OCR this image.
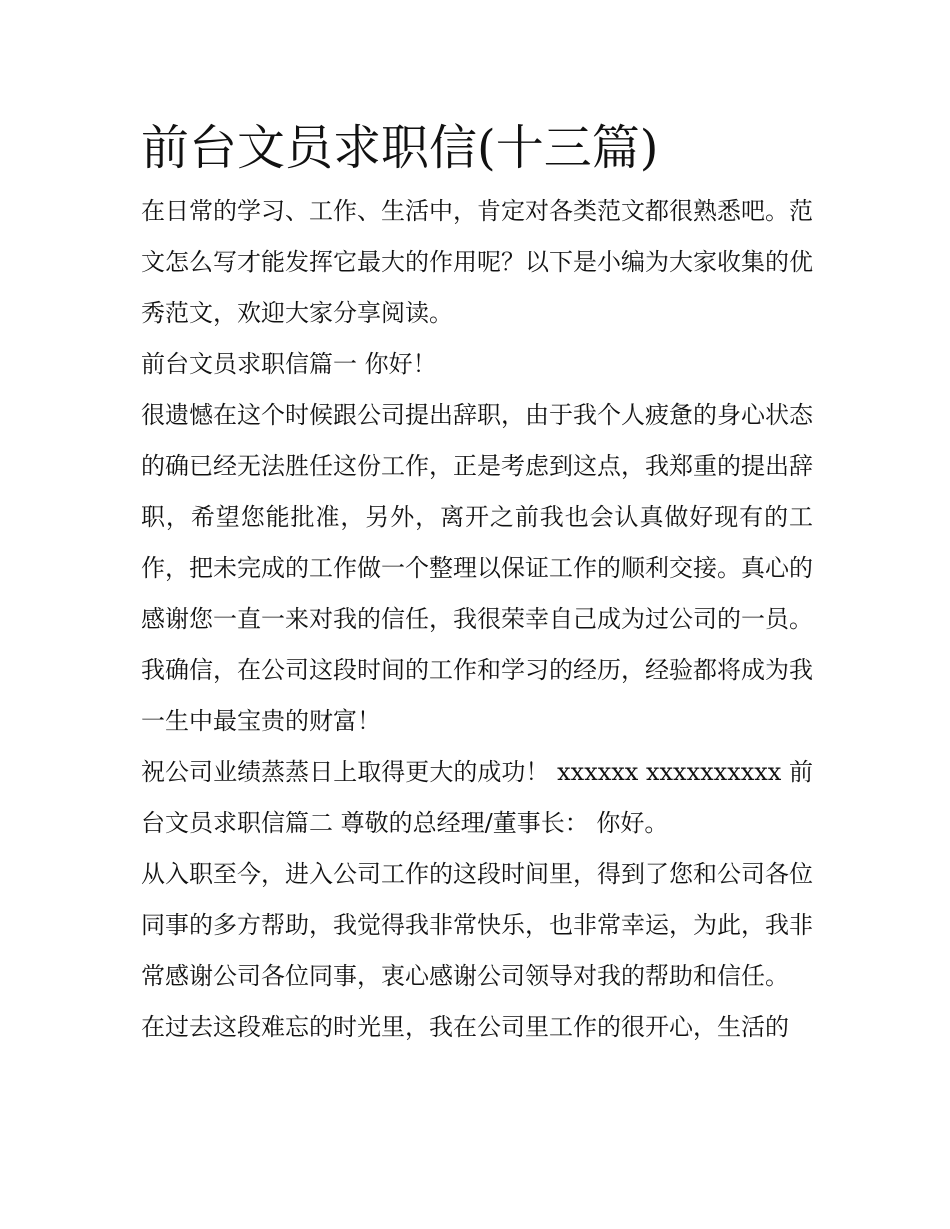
前台文员求职信(十三篇)

在日常的学习、工作、生活中，肯定对各类范文都很熟悉吧。范文怎么写才能发挥它最大的作用呢？以下是小编为大家收集的优秀范文，欢迎大家分享阅读。

前台文员求职信篇一 你好！

很遗憾在这个时候跟公司提出辞职，由于我个人疲惫的身心状态的确已经无法胜任这份工作，正是考虑到这点，我郑重的提出辞职，希望您能批准，另外，离开之前我也会认真做好现有的工作，把未完成的工作做一个整理以保证工作的顺利交接。真心的感谢您一直一来对我的信任，我很荣幸自己成为过公司的一员。我确信，在公司这段时间的工作和学习的经历，经验都将成为我一生中最宝贵的财富！

祝公司业绩蒸蒸日上取得更大的成功！ xxxxxx xxxxxxxxxx 前台文员求职信篇二 尊敬的总经理/董事长： 你好。

从入职至今，进入公司工作的这段时间里，得到了您和公司各位同事的多方帮助，我觉得我非常快乐，也非常幸运，为此，我非常感谢公司各位同事，衷心感谢公司领导对我的帮助和信任。

在过去这段难忘的时光里，我在公司里工作的很开心，生活的
